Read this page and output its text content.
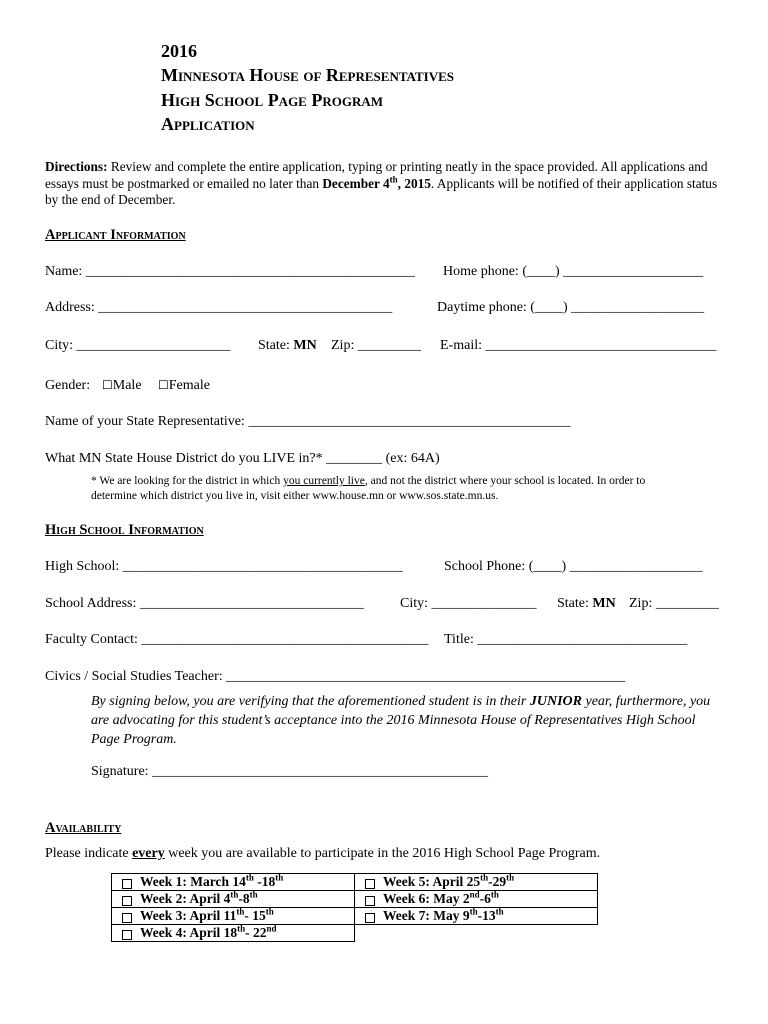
2016
Minnesota House of Representatives
High School Page Program
Application
Directions: Review and complete the entire application, typing or printing neatly in the space provided. All applications and essays must be postmarked or emailed no later than December 4th, 2015. Applicants will be notified of their application status by the end of December.
Applicant Information
Name: _______________________________________________ Home phone: (____) ____________________
Address: __________________________________________	Daytime phone: (____) ___________________
City: ______________________ State: MN Zip: _________ E-mail: _________________________________
Gender: ☐Male ☐Female
Name of your State Representative: ______________________________________________
What MN State House District do you LIVE in?* ________ (ex: 64A)
* We are looking for the district in which you currently live, and not the district where your school is located. In order to
determine which district you live in, visit either www.house.mn or www.sos.state.mn.us.
High School Information
High School: ________________________________________	School Phone: (____) ___________________
School Address: ________________________________	City: _______________ State: MN Zip: _________
Faculty Contact: _________________________________________ Title: ______________________________
Civics / Social Studies Teacher: _________________________________________________________
By signing below, you are verifying that the aforementioned student is in their JUNIOR year, furthermore, you are advocating for this student’s acceptance into the 2016 Minnesota House of Representatives High School Page Program.
Signature: ________________________________________________
Availability
Please indicate every week you are available to participate in the 2016 High School Page Program.
Week 1: March 14th -18th	Week 5: April 25th-29th

Week 2: April 4th-8th	Week 6: May 2nd-6th

Week 3: April 11th- 15th	Week 7: May 9th-13th

Week 4: April 18th- 22nd	
